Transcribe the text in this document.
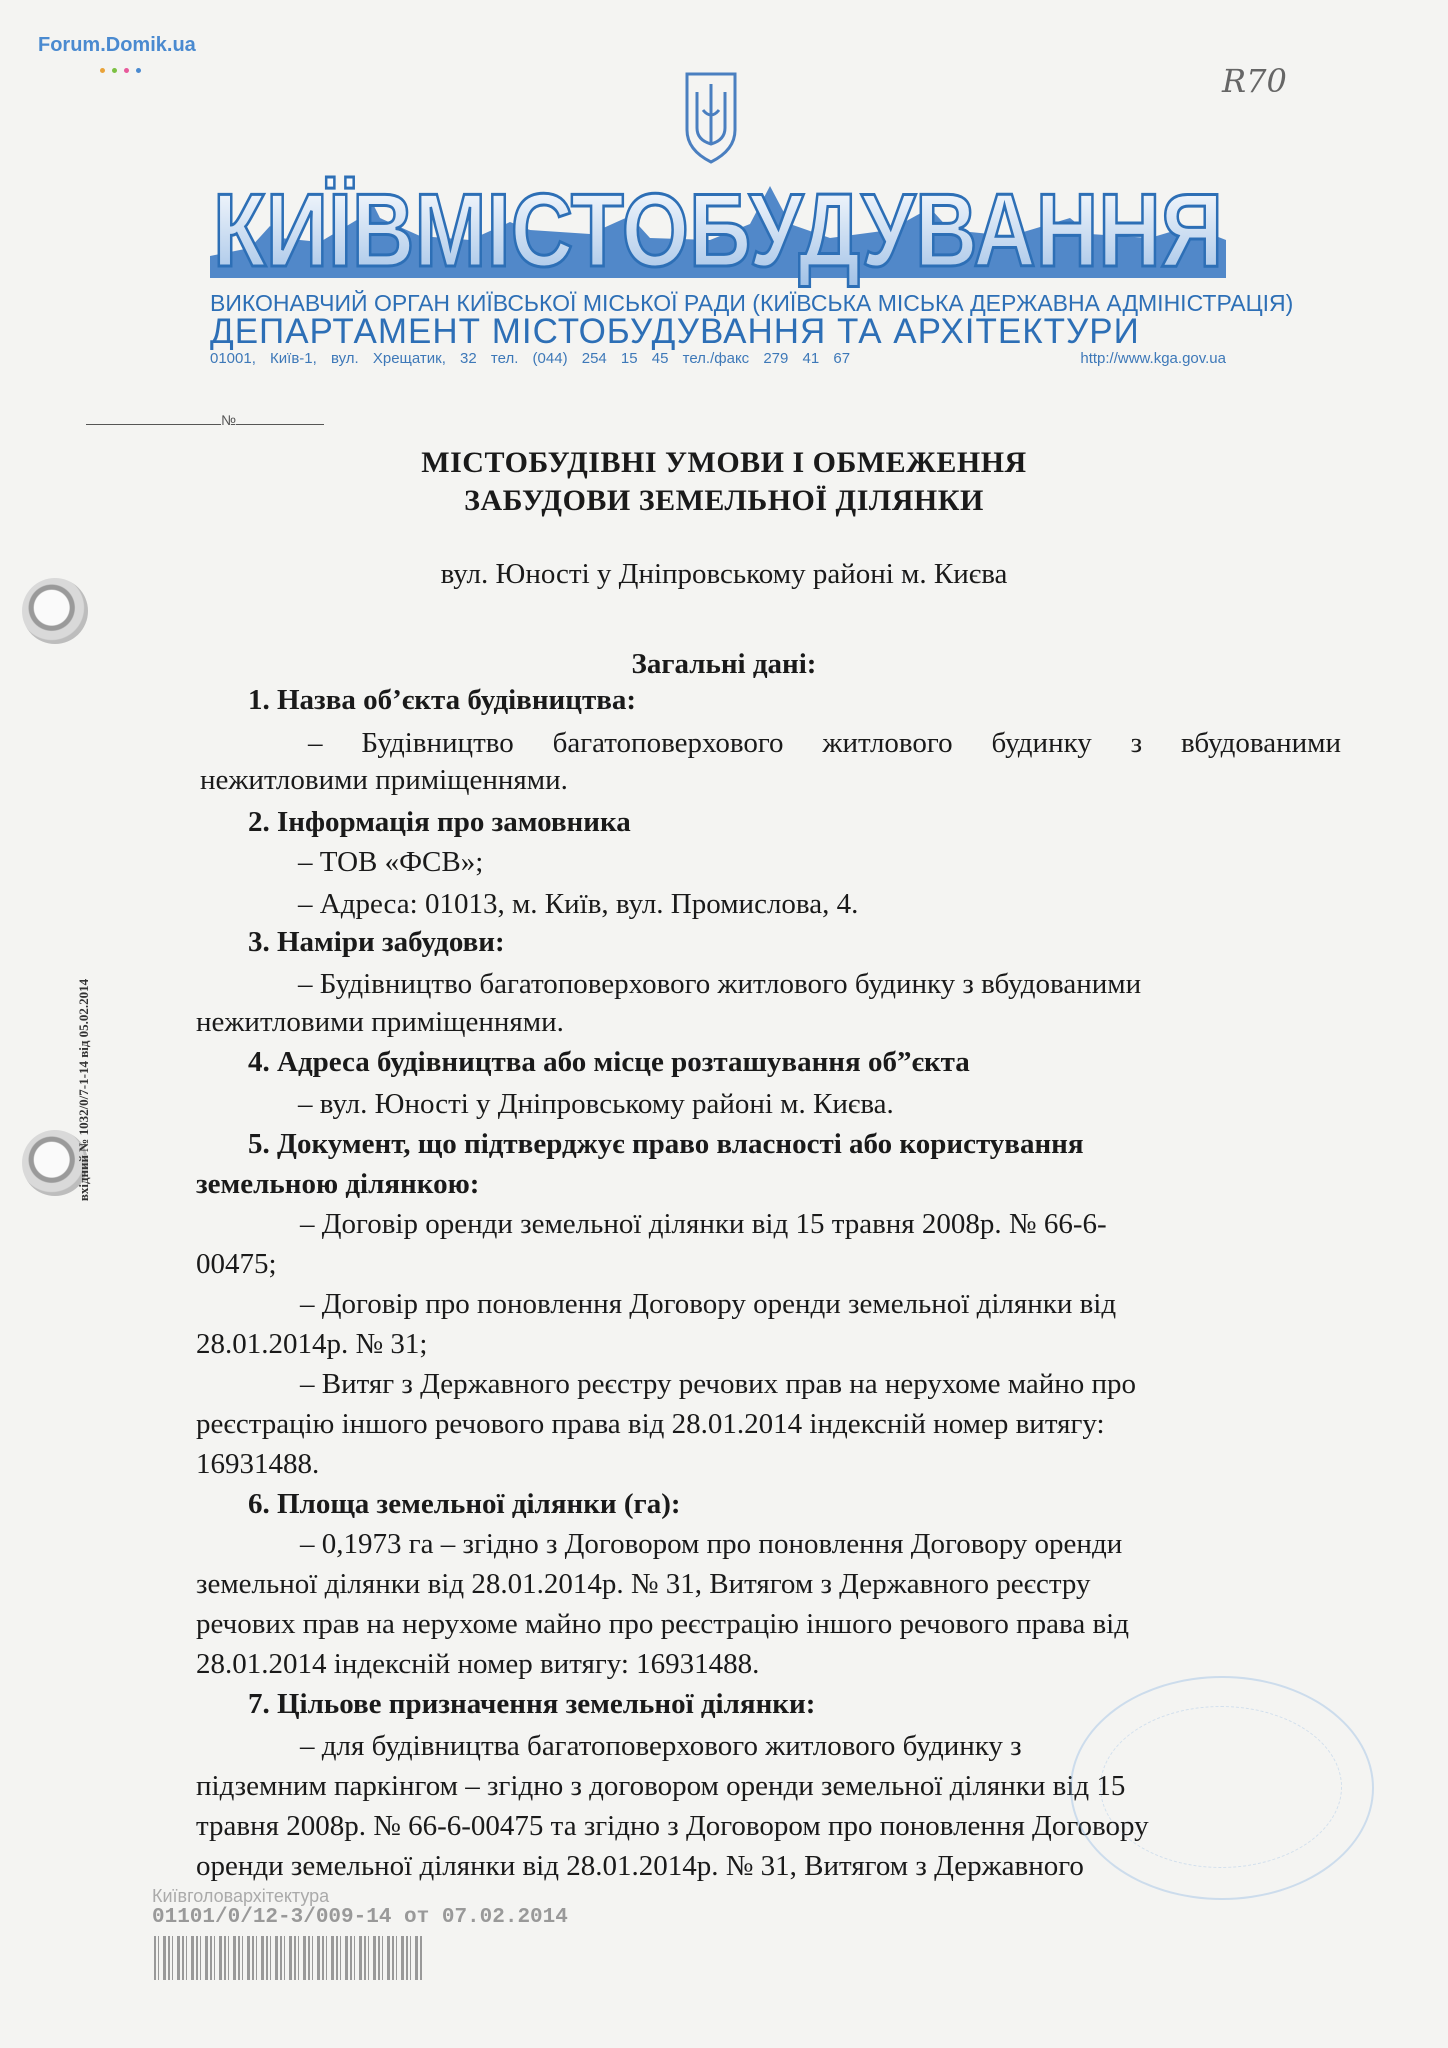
Forum.Domik.ua
R70
КИЇВМІСТОБУДУВАННЯ
ВИКОНАВЧИЙ ОРГАН КИЇВСЬКОЇ МІСЬКОЇ РАДИ (КИЇВСЬКА МІСЬКА ДЕРЖАВНА АДМІНІСТРАЦІЯ)
ДЕПАРТАМЕНТ МІСТОБУДУВАННЯ ТА АРХІТЕКТУРИ
01001, Київ-1, вул. Хрещатик, 32 тел. (044) 254 15 45 тел./факс 279 41 67	http://www.kga.gov.ua
№
МІСТОБУДІВНІ УМОВИ І ОБМЕЖЕННЯ
ЗАБУДОВИ ЗЕМЕЛЬНОЇ ДІЛЯНКИ
вул. Юності у Дніпровському районі м. Києва
Загальні дані:
1. Назва об’єкта будівництва:
– Будівництво багатоповерхового житлового будинку з вбудованими
нежитловими приміщеннями.
2. Інформація про замовника
– ТОВ «ФСВ»;
– Адреса: 01013, м. Київ, вул. Промислова, 4.
3. Наміри забудови:
– Будівництво багатоповерхового житлового будинку з вбудованими
нежитловими приміщеннями.
4. Адреса будівництва або місце розташування об”єкта
– вул. Юності у Дніпровському районі м. Києва.
5. Документ, що підтверджує право власності або користування
земельною ділянкою:
– Договір оренди земельної ділянки від 15 травня 2008р. № 66-6-
00475;
– Договір про поновлення Договору оренди земельної ділянки від
28.01.2014р. № 31;
– Витяг з Державного реєстру речових прав на нерухоме майно про
реєстрацію іншого речового права від 28.01.2014 індексній номер витягу:
16931488.
6. Площа земельної ділянки (га):
– 0,1973 га – згідно з Договором про поновлення Договору оренди
земельної ділянки від 28.01.2014р. № 31, Витягом з Державного реєстру
речових прав на нерухоме майно про реєстрацію іншого речового права від
28.01.2014 індексній номер витягу: 16931488.
7. Цільове призначення земельної ділянки:
– для будівництва багатоповерхового житлового будинку з
підземним паркінгом – згідно з договором оренди земельної ділянки від 15
травня 2008р. № 66-6-00475 та згідно з Договором про поновлення Договору
оренди земельної ділянки від 28.01.2014р. № 31, Витягом з Державного
вхідний № 1032/0/7-1-14 від 05.02.2014
Київголовархітектура
01101/0/12-3/009-14 от 07.02.2014
